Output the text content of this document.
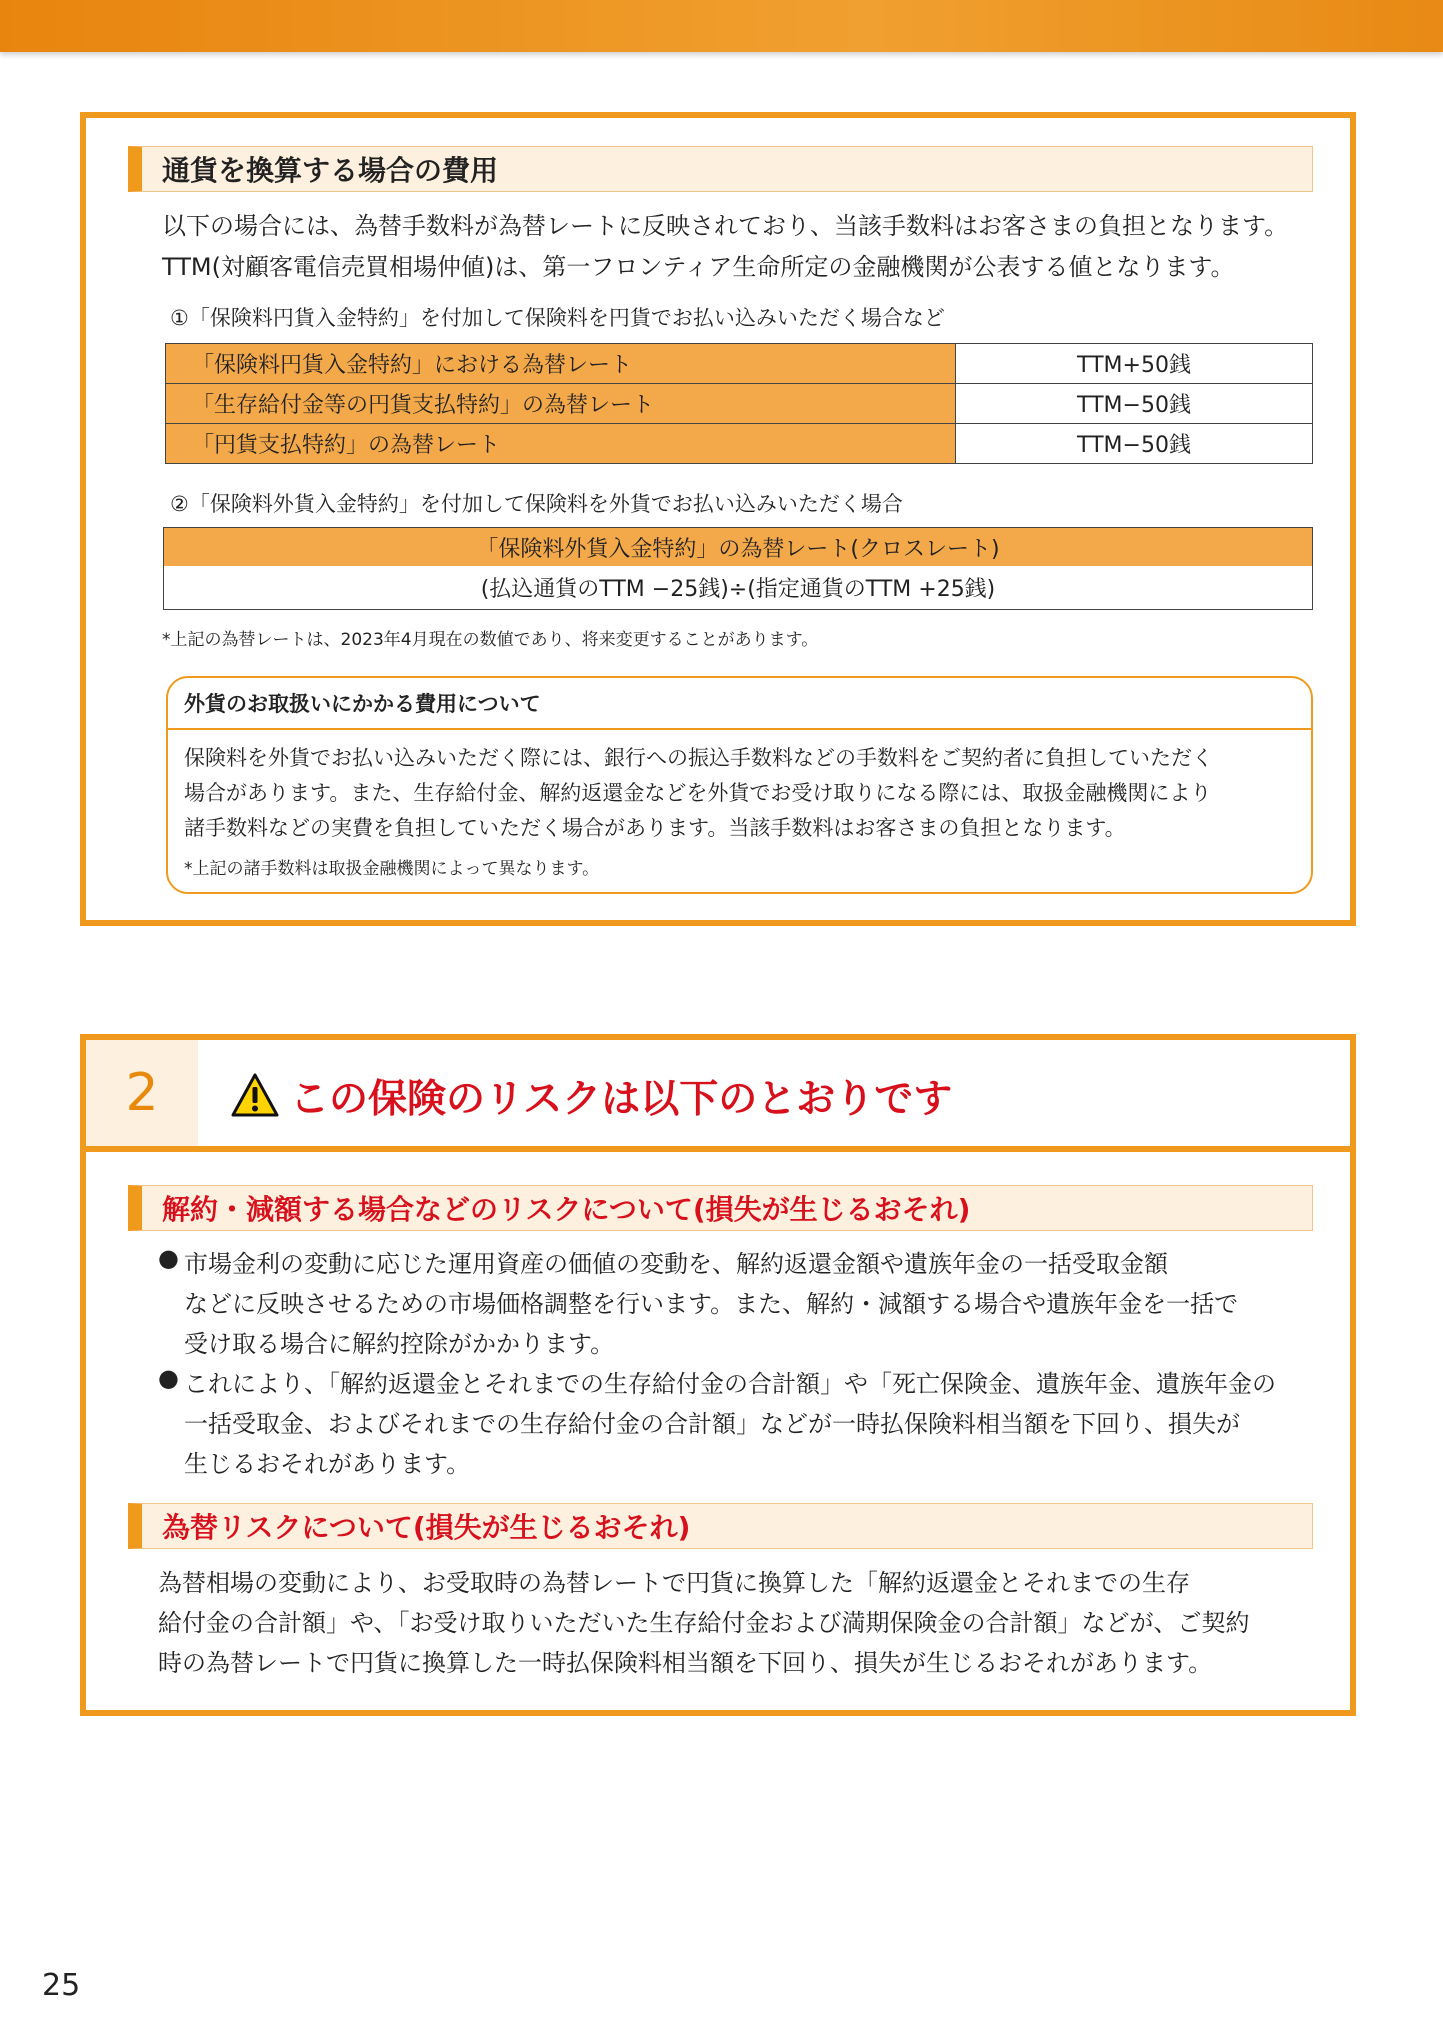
通貨を換算する場合の費用
以下の場合には、為替手数料が為替レートに反映されており、当該手数料はお客さまの負担となります。
TTM(対顧客電信売買相場仲値)は、第一フロンティア生命所定の金融機関が公表する値となります。
①「保険料円貨入金特約」を付加して保険料を円貨でお払い込みいただく場合など
「保険料円貨入金特約」における為替レート	TTM+50銭
「生存給付金等の円貨支払特約」の為替レート	TTM−50銭
「円貨支払特約」の為替レート	TTM−50銭
②「保険料外貨入金特約」を付加して保険料を外貨でお払い込みいただく場合
「保険料外貨入金特約」の為替レート(クロスレート)
(払込通貨のTTM −25銭)÷(指定通貨のTTM +25銭)
*上記の為替レートは、2023年4月現在の数値であり、将来変更することがあります。
外貨のお取扱いにかかる費用について
保険料を外貨でお払い込みいただく際には、銀行への振込手数料などの手数料をご契約者に負担していただく
場合があります。また、生存給付金、解約返還金などを外貨でお受け取りになる際には、取扱金融機関により
諸手数料などの実費を負担していただく場合があります。当該手数料はお客さまの負担となります。
*上記の諸手数料は取扱金融機関によって異なります。
2	この保険のリスクは以下のとおりです
解約・減額する場合などのリスクについて(損失が生じるおそれ)
● 市場金利の変動に応じた運用資産の価値の変動を、解約返還金額や遺族年金の一括受取金額
などに反映させるための市場価格調整を行います。また、解約・減額する場合や遺族年金を一括で
受け取る場合に解約控除がかかります。
● これにより、「解約返還金とそれまでの生存給付金の合計額」や「死亡保険金、遺族年金、遺族年金の
一括受取金、およびそれまでの生存給付金の合計額」などが一時払保険料相当額を下回り、損失が
生じるおそれがあります。
為替リスクについて(損失が生じるおそれ)
為替相場の変動により、お受取時の為替レートで円貨に換算した「解約返還金とそれまでの生存
給付金の合計額」や、「お受け取りいただいた生存給付金および満期保険金の合計額」などが、ご契約
時の為替レートで円貨に換算した一時払保険料相当額を下回り、損失が生じるおそれがあります。
25
